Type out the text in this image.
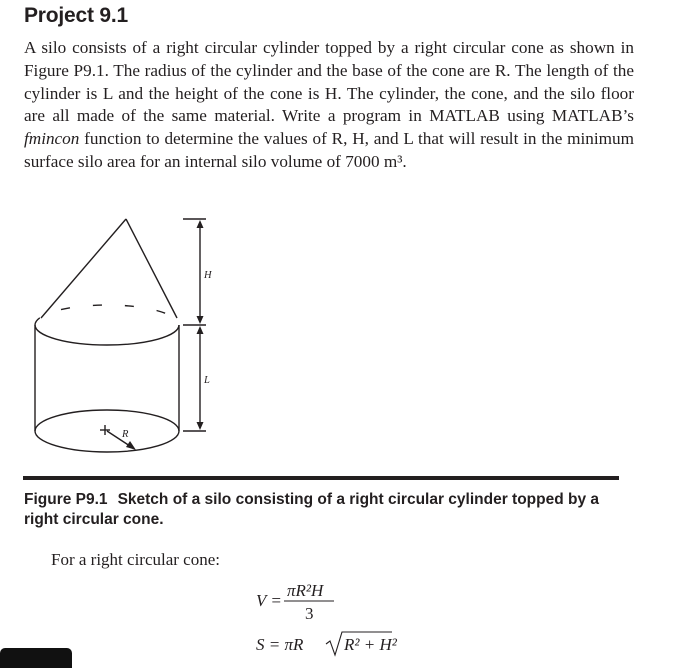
Project 9.1
A silo consists of a right circular cylinder topped by a right circular cone as shown in Figure P9.1. The radius of the cylinder and the base of the cone are R. The length of the cylinder is L and the height of the cone is H. The cylinder, the cone, and the silo floor are all made of the same material. Write a program in MATLAB using MATLAB’s fmincon function to determine the values of R, H, and L that will result in the minimum surface silo area for an internal silo volume of 7000 m³.
H
L
R
Figure P9.1 Sketch of a silo consisting of a right circular cylinder topped by a right circular cone.
For a right circular cone:
V =
πR²H
3
S = πR R² + H²
